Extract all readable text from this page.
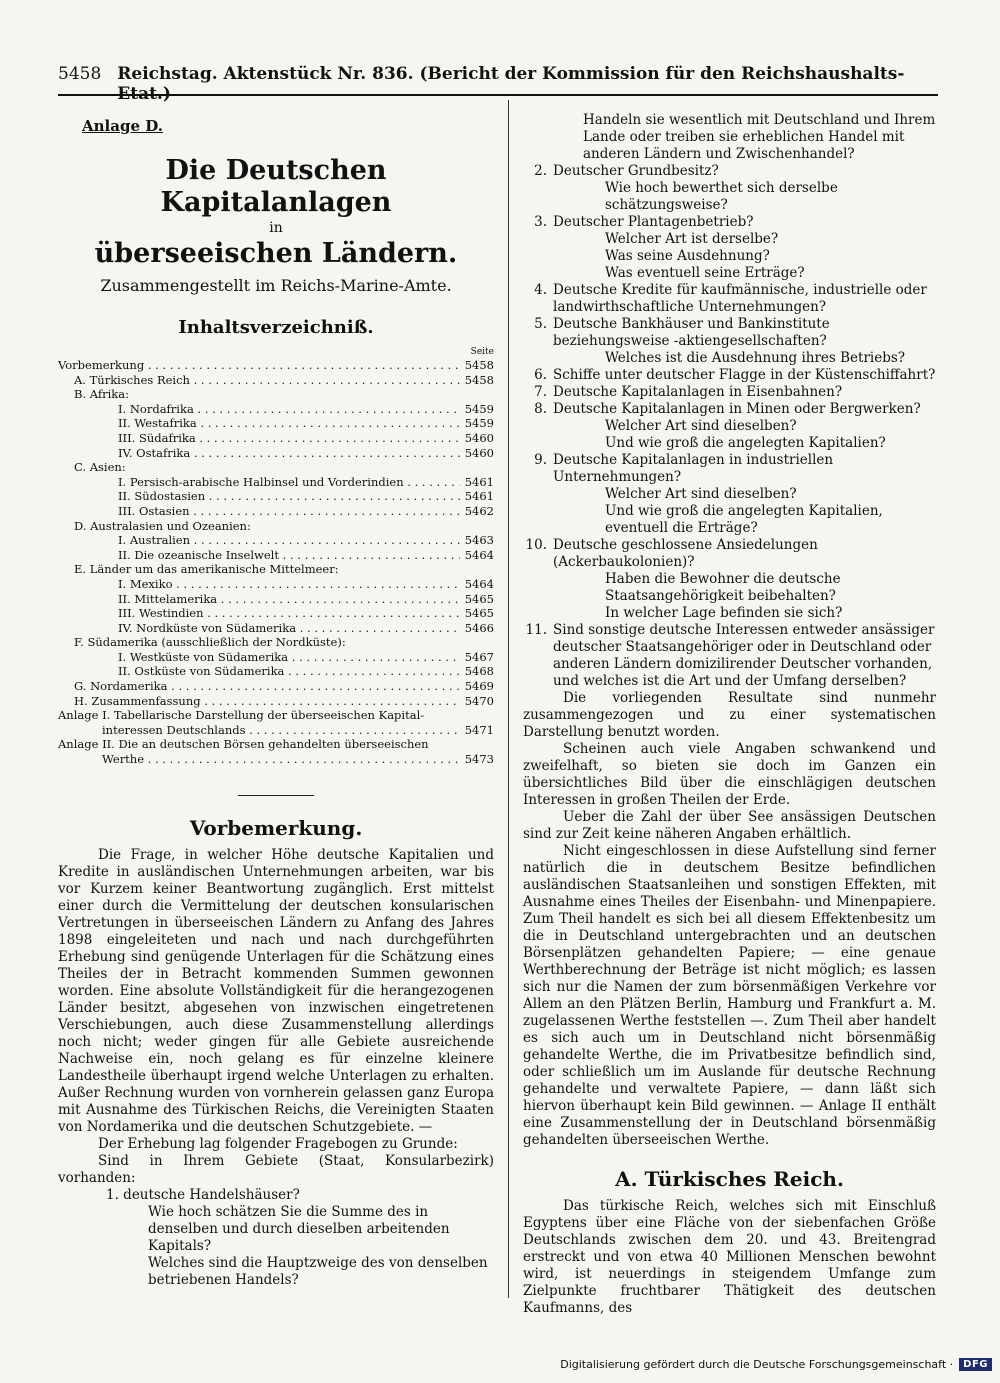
5458 Reichstag. Aktenstück Nr. 836. (Bericht der Kommission für den Reichshaushalts-Etat.)
Anlage D.
Die Deutschen Kapitalanlagen
in
überseeischen Ländern.
Zusammengestellt im Reichs-Marine-Amte.
Inhaltsverzeichniß.
Seite
Vorbemerkung . . .	5458
A. Türkisches Reich . . .	5458
B. Afrika:
I. Nordafrika . . .	5459
II. Westafrika . . .	5459
III. Südafrika . . .	5460
IV. Ostafrika . . .	5460
C. Asien:
I. Persisch-arabische Halbinsel und Vorderindien . . .	5461
II. Südostasien . . .	5461
III. Ostasien . . .	5462
D. Australasien und Ozeanien:
I. Australien . . .	5463
II. Die ozeanische Inselwelt . . .	5464
E. Länder um das amerikanische Mittelmeer:
I. Mexiko . . .	5464
II. Mittelamerika . . .	5465
III. Westindien . . .	5465
IV. Nordküste von Südamerika . . .	5466
F. Südamerika (ausschließlich der Nordküste):
I. Westküste von Südamerika . . .	5467
II. Ostküste von Südamerika . . .	5468
G. Nordamerika . . .	5469
H. Zusammenfassung . . .	5470
Anlage I. Tabellarische Darstellung der überseeischen Kapital-
interessen Deutschlands . . .	5471
Anlage II. Die an deutschen Börsen gehandelten überseeischen
Werthe . . .	5473
Vorbemerkung.

Die Frage, in welcher Höhe deutsche Kapitalien und Kredite in ausländischen Unternehmungen arbeiten, war bis vor Kurzem keiner Beantwortung zugänglich. Erst mittelst einer durch die Vermittelung der deutschen konsularischen Vertretungen in überseeischen Ländern zu Anfang des Jahres 1898 eingeleiteten und nach und nach durchgeführten Erhebung sind genügende Unterlagen für die Schätzung eines Theiles der in Betracht kommenden Summen gewonnen worden. Eine absolute Vollständigkeit für die herangezogenen Länder besitzt, abgesehen von inzwischen eingetretenen Verschiebungen, auch diese Zusammenstellung allerdings noch nicht; weder gingen für alle Gebiete ausreichende Nachweise ein, noch gelang es für einzelne kleinere Landestheile überhaupt irgend welche Unterlagen zu erhalten. Außer Rechnung wurden von vornherein gelassen ganz Europa mit Ausnahme des Türkischen Reichs, die Vereinigten Staaten von Nordamerika und die deutschen Schutzgebiete. —

Der Erhebung lag folgender Fragebogen zu Grunde:

Sind in Ihrem Gebiete (Staat, Konsularbezirk) vorhanden:

1. deutsche Handelshäuser?

Wie hoch schätzen Sie die Summe des in denselben und durch dieselben arbeitenden Kapitals?

Welches sind die Hauptzweige des von denselben betriebenen Handels?

Handeln sie wesentlich mit Deutschland und Ihrem Lande oder treiben sie erheblichen Handel mit anderen Ländern und Zwischenhandel?

2. Deutscher Grundbesitz?
Wie hoch bewerthet sich derselbe schätzungsweise?
3. Deutscher Plantagenbetrieb?
Welcher Art ist derselbe?
Was seine Ausdehnung?
Was eventuell seine Erträge?
4. Deutsche Kredite für kaufmännische, industrielle oder landwirthschaftliche Unternehmungen?
5. Deutsche Bankhäuser und Bankinstitute beziehungsweise -aktiengesellschaften?
Welches ist die Ausdehnung ihres Betriebs?
6. Schiffe unter deutscher Flagge in der Küstenschiffahrt?
7. Deutsche Kapitalanlagen in Eisenbahnen?
8. Deutsche Kapitalanlagen in Minen oder Bergwerken?
Welcher Art sind dieselben?
Und wie groß die angelegten Kapitalien?
9. Deutsche Kapitalanlagen in industriellen Unternehmungen?
Welcher Art sind dieselben?
Und wie groß die angelegten Kapitalien, eventuell die Erträge?
10. Deutsche geschlossene Ansiedelungen (Ackerbaukolonien)?
Haben die Bewohner die deutsche Staatsangehörigkeit beibehalten?
In welcher Lage befinden sie sich?
11. Sind sonstige deutsche Interessen entweder ansässiger deutscher Staatsangehöriger oder in Deutschland oder anderen Ländern domizilirender Deutscher vorhanden, und welches ist die Art und der Umfang derselben?

Die vorliegenden Resultate sind nunmehr zusammengezogen und zu einer systematischen Darstellung benutzt worden.

Scheinen auch viele Angaben schwankend und zweifelhaft, so bieten sie doch im Ganzen ein übersichtliches Bild über die einschlägigen deutschen Interessen in großen Theilen der Erde.

Ueber die Zahl der über See ansässigen Deutschen sind zur Zeit keine näheren Angaben erhältlich.

Nicht eingeschlossen in diese Aufstellung sind ferner natürlich die in deutschem Besitze befindlichen ausländischen Staatsanleihen und sonstigen Effekten, mit Ausnahme eines Theiles der Eisenbahn- und Minenpapiere. Zum Theil handelt es sich bei all diesem Effektenbesitz um die in Deutschland untergebrachten und an deutschen Börsenplätzen gehandelten Papiere; — eine genaue Werthberechnung der Beträge ist nicht möglich; es lassen sich nur die Namen der zum börsenmäßigen Verkehre vor Allem an den Plätzen Berlin, Hamburg und Frankfurt a. M. zugelassenen Werthe feststellen —. Zum Theil aber handelt es sich auch um in Deutschland nicht börsenmäßig gehandelte Werthe, die im Privatbesitze befindlich sind, oder schließlich um im Auslande für deutsche Rechnung gehandelte und verwaltete Papiere, — dann läßt sich hiervon überhaupt kein Bild gewinnen. — Anlage II enthält eine Zusammenstellung der in Deutschland börsenmäßig gehandelten überseeischen Werthe.

A. Türkisches Reich.

Das türkische Reich, welches sich mit Einschluß Egyptens über eine Fläche von der siebenfachen Größe Deutschlands zwischen dem 20. und 43. Breitengrad erstreckt und von etwa 40 Millionen Menschen bewohnt wird, ist neuerdings in steigendem Umfange zum Zielpunkte fruchtbarer Thätigkeit des deutschen Kaufmanns, des

Digitalisierung gefördert durch die Deutsche Forschungsgemeinschaft ·	DFG
